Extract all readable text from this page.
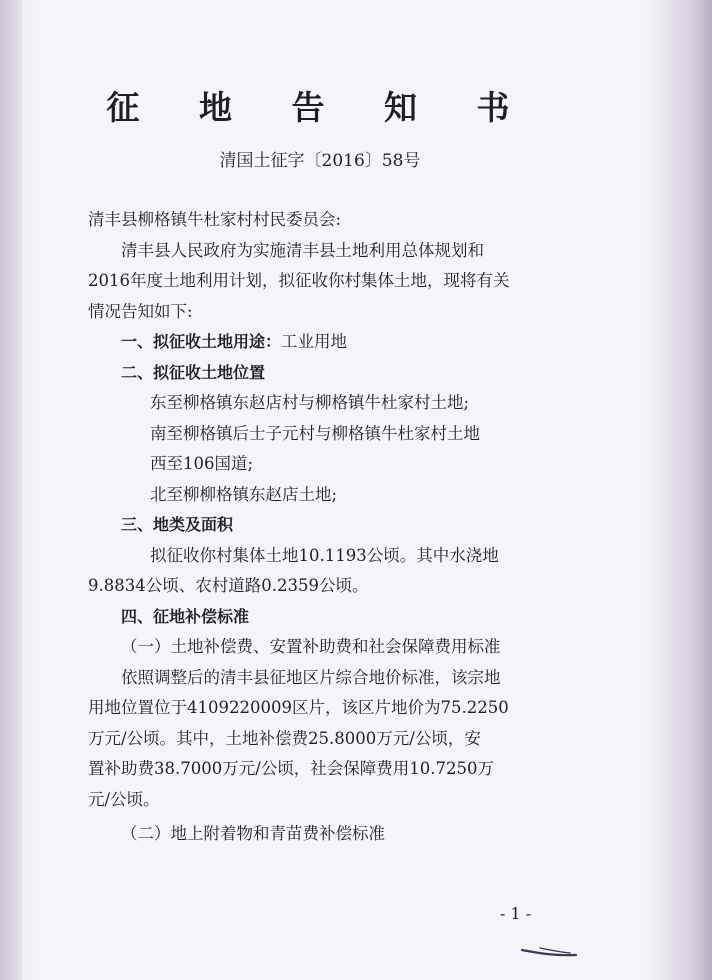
征 地 告 知 书
清国土征字〔2016〕58号
清丰县柳格镇牛杜家村村民委员会:
清丰县人民政府为实施清丰县土地利用总体规划和
2016年度土地利用计划，拟征收你村集体土地，现将有关
情况告知如下:
一、拟征收土地用途：工业用地
二、拟征收土地位置
东至柳格镇东赵店村与柳格镇牛杜家村土地;
南至柳格镇后士子元村与柳格镇牛杜家村土地
西至106国道;
北至柳柳格镇东赵店土地;
三、地类及面积
拟征收你村集体土地10.1193公顷。其中水浇地
9.8834公顷、农村道路0.2359公顷。
四、征地补偿标准
（一）土地补偿费、安置补助费和社会保障费用标准
依照调整后的清丰县征地区片综合地价标准，该宗地
用地位置位于4109220009区片，该区片地价为75.2250
万元/公顷。其中，土地补偿费25.8000万元/公顷，安
置补助费38.7000万元/公顷，社会保障费用10.7250万
元/公顷。
（二）地上附着物和青苗费补偿标准
- 1 -
